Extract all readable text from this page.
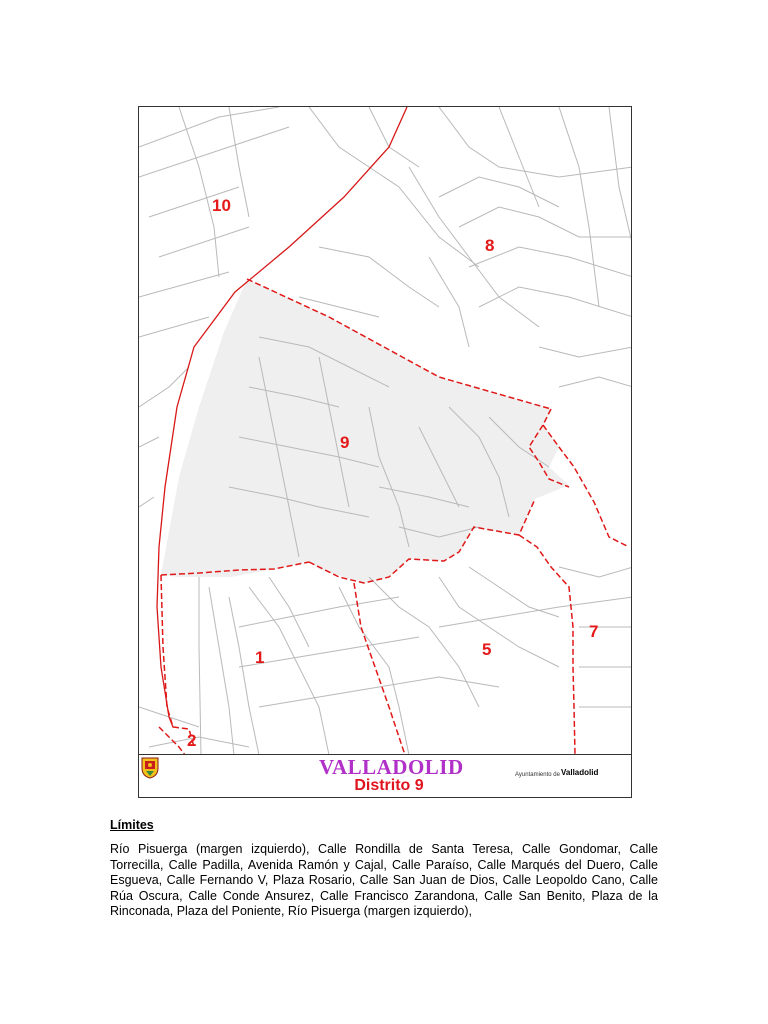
10
8
9
1	5
7
2
VALLADOLID
Distrito 9
Ayuntamiento de Valladolid
Límites

Río Pisuerga (margen izquierdo), Calle Rondilla de Santa Teresa, Calle Gondomar, Calle Torrecilla, Calle Padilla, Avenida Ramón y Cajal, Calle Paraíso, Calle Marqués del Duero, Calle Esgueva, Calle Fernando V, Plaza Rosario, Calle San Juan de Dios, Calle Leopoldo Cano, Calle Rúa Oscura, Calle Conde Ansurez, Calle Francisco Zarandona, Calle San Benito, Plaza de la Rinconada, Plaza del Poniente, Río Pisuerga (margen izquierdo),
